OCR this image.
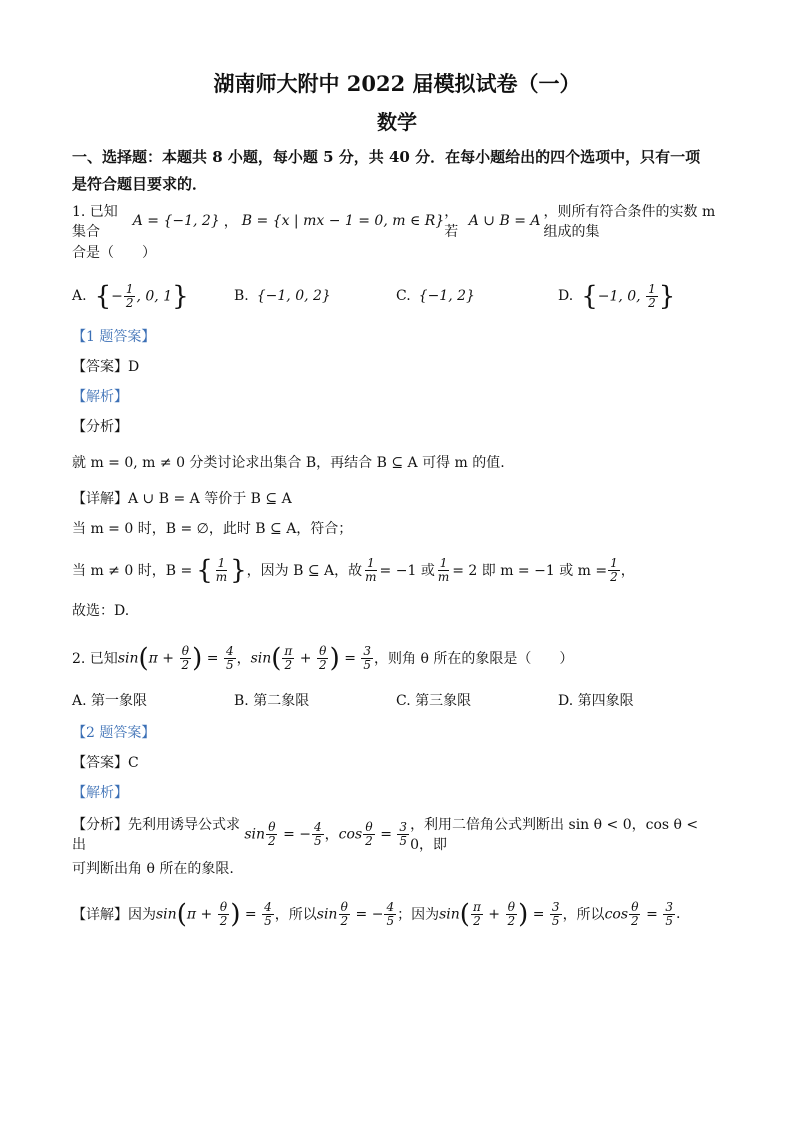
湖南师大附中 2022 届模拟试卷（一）
数学
一、选择题：本题共 8 小题，每小题 5 分，共 40 分．在每小题给出的四个选项中，只有一项
是符合题目要求的．
1. 已知集合
A = {−1, 2} ， B = {x | mx − 1 = 0, m ∈ R}
，若
A ∪ B = A
，则所有符合条件的实数 m 组成的集
合是（　　）
A. {− $\frac{1}{2}$ , 0, 1}	B. {−1, 0, 2}	C. {−1, 2}	D. {−1, 0, $\frac{1}{2}$ }
【1 题答案】
【答案】D
【解析】
【分析】
就 m = 0, m ≠ 0 分类讨论求出集合 B，再结合 B ⊆ A 可得 m 的值.
【详解】A ∪ B = A 等价于 B ⊆ A
当 m = 0 时，B = ∅，此时 B ⊆ A，符合；
当 m ≠ 0 时，B = { $\frac{1}{m}$ } ，因为 B ⊆ A，故 $\frac{1}{m} = -1$ 或 $\frac{1}{m} = 2$ 即 m = −1 或 $m = \frac{1}{2}$ ，
故选：D.
2. 已知 $\sin(\pi + \frac{\theta}{2}$ ) = $\frac{4}{5}$ ， $\sin( \frac{\pi}{2} + \frac{\theta}{2}$ ) = $\frac{3}{5}$ ，则角 θ 所在的象限是（　　）
A. 第一象限	B. 第二象限	C. 第三象限	D. 第四象限
【2 题答案】
【答案】C
【解析】
【分析】先利用诱导公式求出
$\sin \frac{\theta}{2}$ = − $\frac{4}{5}$ ， $\cos \frac{\theta}{2} = \frac{3}{5}$ ，利用二倍角公式判断出 sin θ < 0，cos θ < 0，即
可判断出角 θ 所在的象限.
【详解】因为 $\sin(\pi + \frac{\theta}{2}$ ) = $\frac{4}{5}$ ，所以 $\sin \frac{\theta}{2}$ = − $\frac{4}{5}$ ；因为 $\sin( \frac{\pi}{2} + \frac{\theta}{2}$ ) = $\frac{3}{5}$ ，所以 $\cos \frac{\theta}{2} = \frac{3}{5}$ .
